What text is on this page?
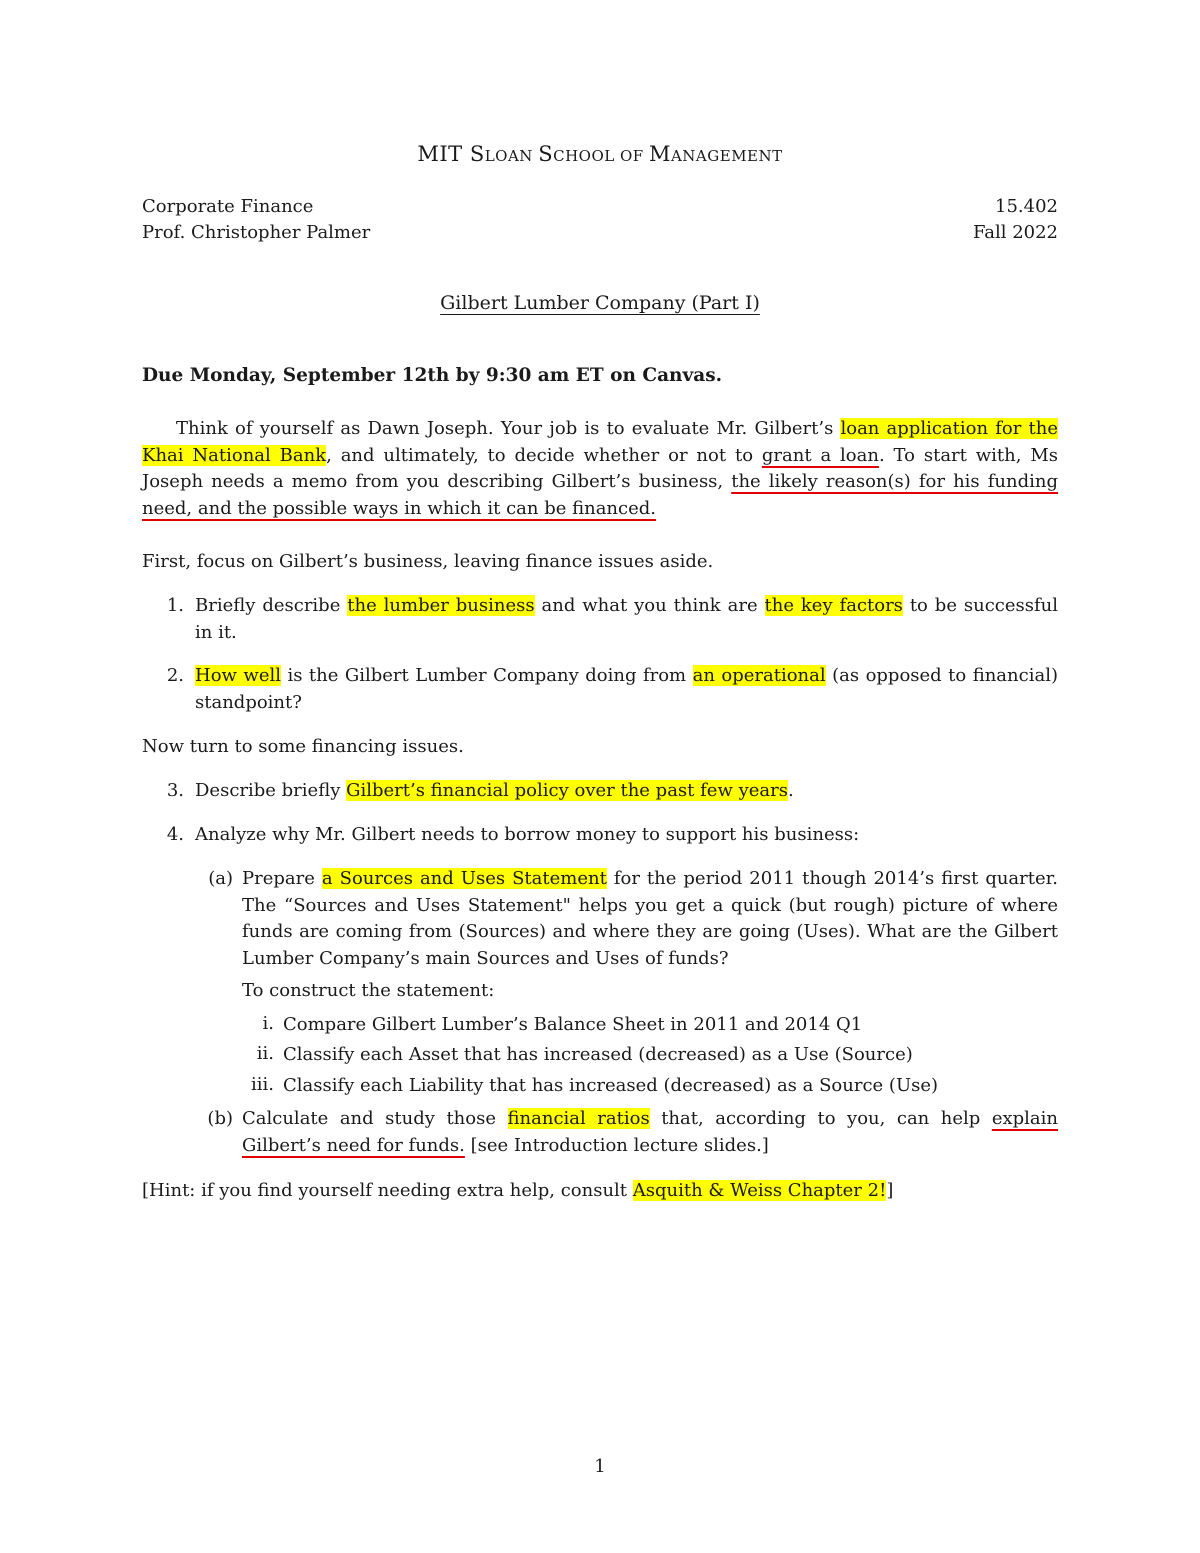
MIT SLOAN SCHOOL OF MANAGEMENT
Corporate Finance	15.402
Prof. Christopher Palmer	Fall 2022
Gilbert Lumber Company (Part I)
Due Monday, September 12th by 9:30 am ET on Canvas.
Think of yourself as Dawn Joseph. Your job is to evaluate Mr. Gilbert’s loan application for the Khai National Bank, and ultimately, to decide whether or not to grant a loan. To start with, Ms Joseph needs a memo from you describing Gilbert’s business, the likely reason(s) for his funding need, and the possible ways in which it can be financed.
First, focus on Gilbert’s business, leaving finance issues aside.
1. Briefly describe the lumber business and what you think are the key factors to be successful in it.
2. How well is the Gilbert Lumber Company doing from an operational (as opposed to financial) standpoint?
Now turn to some financing issues.
3. Describe briefly Gilbert’s financial policy over the past few years.
4. Analyze why Mr. Gilbert needs to borrow money to support his business:
(a) Prepare a Sources and Uses Statement for the period 2011 though 2014’s first quarter. The “Sources and Uses Statement" helps you get a quick (but rough) picture of where funds are coming from (Sources) and where they are going (Uses). What are the Gilbert Lumber Company’s main Sources and Uses of funds?
To construct the statement:
i. Compare Gilbert Lumber’s Balance Sheet in 2011 and 2014 Q1
ii. Classify each Asset that has increased (decreased) as a Use (Source)
iii. Classify each Liability that has increased (decreased) as a Source (Use)
(b) Calculate and study those financial ratios that, according to you, can help explain Gilbert’s need for funds. [see Introduction lecture slides.]
[Hint: if you find yourself needing extra help, consult Asquith & Weiss Chapter 2!]
1
